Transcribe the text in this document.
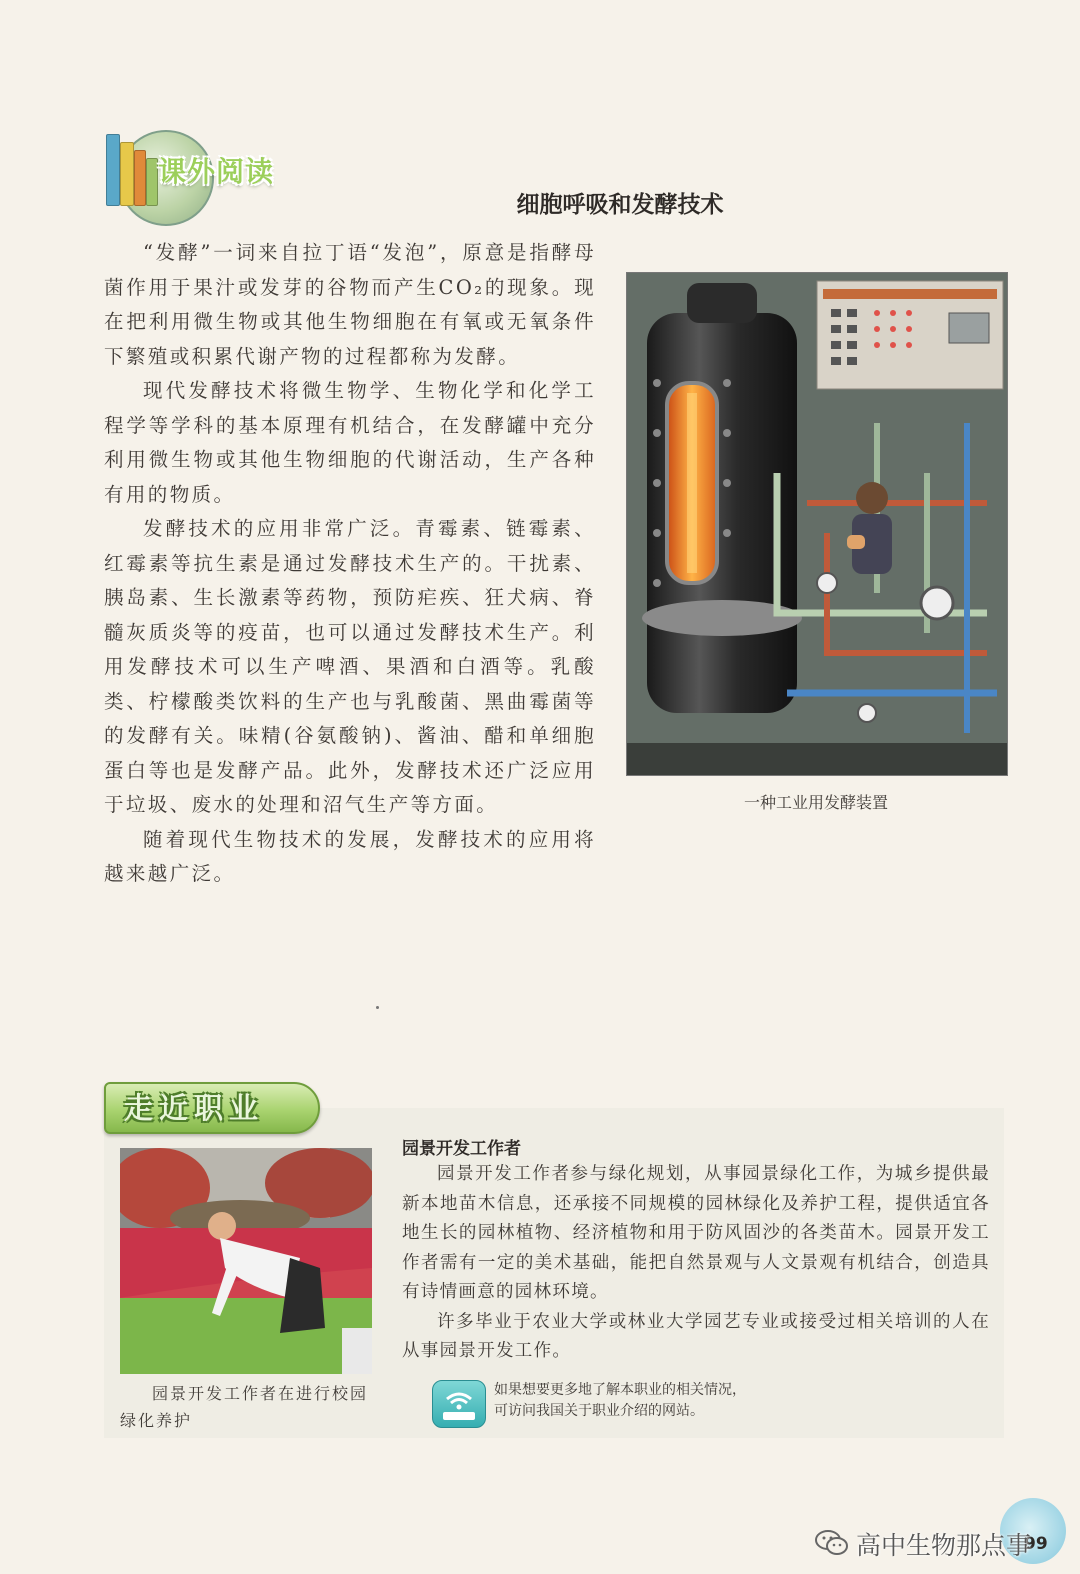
课外阅读
细胞呼吸和发酵技术

“发酵”一词来自拉丁语“发泡”，原意是指酵母菌作用于果汁或发芽的谷物而产生CO₂的现象。现在把利用微生物或其他生物细胞在有氧或无氧条件下繁殖或积累代谢产物的过程都称为发酵。

现代发酵技术将微生物学、生物化学和化学工程学等学科的基本原理有机结合，在发酵罐中充分利用微生物或其他生物细胞的代谢活动，生产各种有用的物质。

发酵技术的应用非常广泛。青霉素、链霉素、红霉素等抗生素是通过发酵技术生产的。干扰素、胰岛素、生长激素等药物，预防疟疾、狂犬病、脊髓灰质炎等的疫苗，也可以通过发酵技术生产。利用发酵技术可以生产啤酒、果酒和白酒等。乳酸类、柠檬酸类饮料的生产也与乳酸菌、黑曲霉菌等的发酵有关。味精(谷氨酸钠)、酱油、醋和单细胞蛋白等也是发酵产品。此外，发酵技术还广泛应用于垃圾、废水的处理和沼气生产等方面。

随着现代生物技术的发展，发酵技术的应用将越来越广泛。

一种工业用发酵装置
走近职业
园景开发工作者在进行校园绿化养护
园景开发工作者

园景开发工作者参与绿化规划，从事园景绿化工作，为城乡提供最新本地苗木信息，还承接不同规模的园林绿化及养护工程，提供适宜各地生长的园林植物、经济植物和用于防风固沙的各类苗木。园景开发工作者需有一定的美术基础，能把自然景观与人文景观有机结合，创造具有诗情画意的园林环境。

许多毕业于农业大学或林业大学园艺专业或接受过相关培训的人在从事园景开发工作。

如果想要更多地了解本职业的相关情况，
可访问我国关于职业介绍的网站。
99
高中生物那点事
